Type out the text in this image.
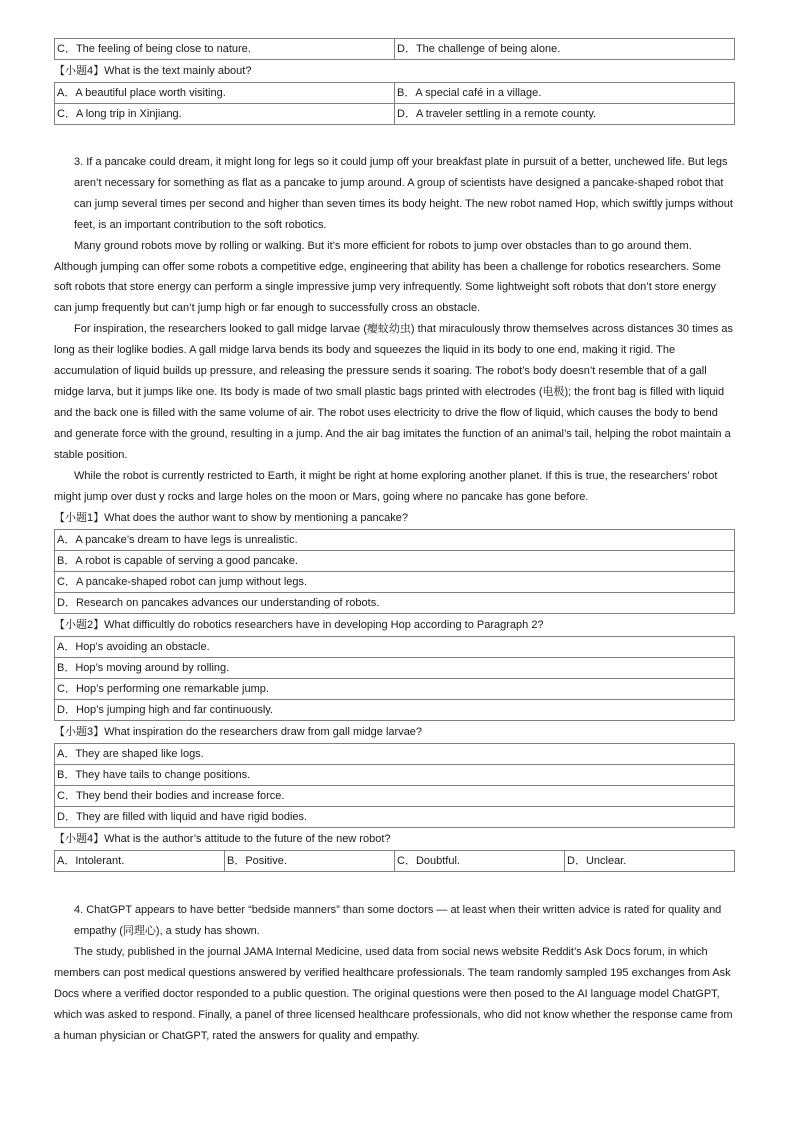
C．The feeling of being close to nature.	D．The challenge of being alone.
【小题4】What is the text mainly about?
A．A beautiful place worth visiting.	B．A special café in a village.
C．A long trip in Xinjiang.	D．A traveler settling in a remote county.

3. If a pancake could dream, it might long for legs so it could jump off your breakfast plate in pursuit of a better, unchewed life. But legs aren’t necessary for something as flat as a pancake to jump around. A group of scientists have designed a pancake-shaped robot that can jump several times per second and higher than seven times its body height. The new robot named Hop, which swiftly jumps without feet, is an important contribution to the soft robotics.

Many ground robots move by rolling or walking. But it’s more efficient for robots to jump over obstacles than to go around them. Although jumping can offer some robots a competitive edge, engineering that ability has been a challenge for robotics researchers. Some soft robots that store energy can perform a single impressive jump very infrequently. Some lightweight soft robots that don’t store energy can jump frequently but can’t jump high or far enough to successfully cross an obstacle.

For inspiration, the researchers looked to gall midge larvae (瘿蚊幼虫) that miraculously throw themselves across distances 30 times as long as their loglike bodies. A gall midge larva bends its body and squeezes the liquid in its body to one end, making it rigid. The accumulation of liquid builds up pressure, and releasing the pressure sends it soaring. The robot’s body doesn’t resemble that of a gall midge larva, but it jumps like one. Its body is made of two small plastic bags printed with electrodes (电极); the front bag is filled with liquid and the back one is filled with the same volume of air. The robot uses electricity to drive the flow of liquid, which causes the body to bend and generate force with the ground, resulting in a jump. And the air bag imitates the function of an animal’s tail, helping the robot maintain a stable position.

While the robot is currently restricted to Earth, it might be right at home exploring another planet. If this is true, the researchers’ robot might jump over dust y rocks and large holes on the moon or Mars, going where no pancake has gone before.

【小题1】What does the author want to show by mentioning a pancake?
A．A pancake’s dream to have legs is unrealistic.
B．A robot is capable of serving a good pancake.
C．A pancake-shaped robot can jump without legs.
D．Research on pancakes advances our understanding of robots.
【小题2】What difficultly do robotics researchers have in developing Hop according to Paragraph 2?
A．Hop’s avoiding an obstacle.
B．Hop’s moving around by rolling.
C．Hop’s performing one remarkable jump.
D．Hop’s jumping high and far continuously.
【小题3】What inspiration do the researchers draw from gall midge larvae?
A．They are shaped like logs.
B．They have tails to change positions.
C．They bend their bodies and increase force.
D．They are filled with liquid and have rigid bodies.
【小题4】What is the author’s attitude to the future of the new robot?
A．Intolerant.	B．Positive.	C．Doubtful.	D．Unclear.

4. ChatGPT appears to have better “bedside manners” than some doctors — at least when their written advice is rated for quality and empathy (同理心), a study has shown.

The study, published in the journal JAMA Internal Medicine, used data from social news website Reddit’s Ask Docs forum, in which members can post medical questions answered by verified healthcare professionals. The team randomly sampled 195 exchanges from Ask Docs where a verified doctor responded to a public question. The original questions were then posed to the AI language model ChatGPT, which was asked to respond. Finally, a panel of three licensed healthcare professionals, who did not know whether the response came from a human physician or ChatGPT, rated the answers for quality and empathy.
